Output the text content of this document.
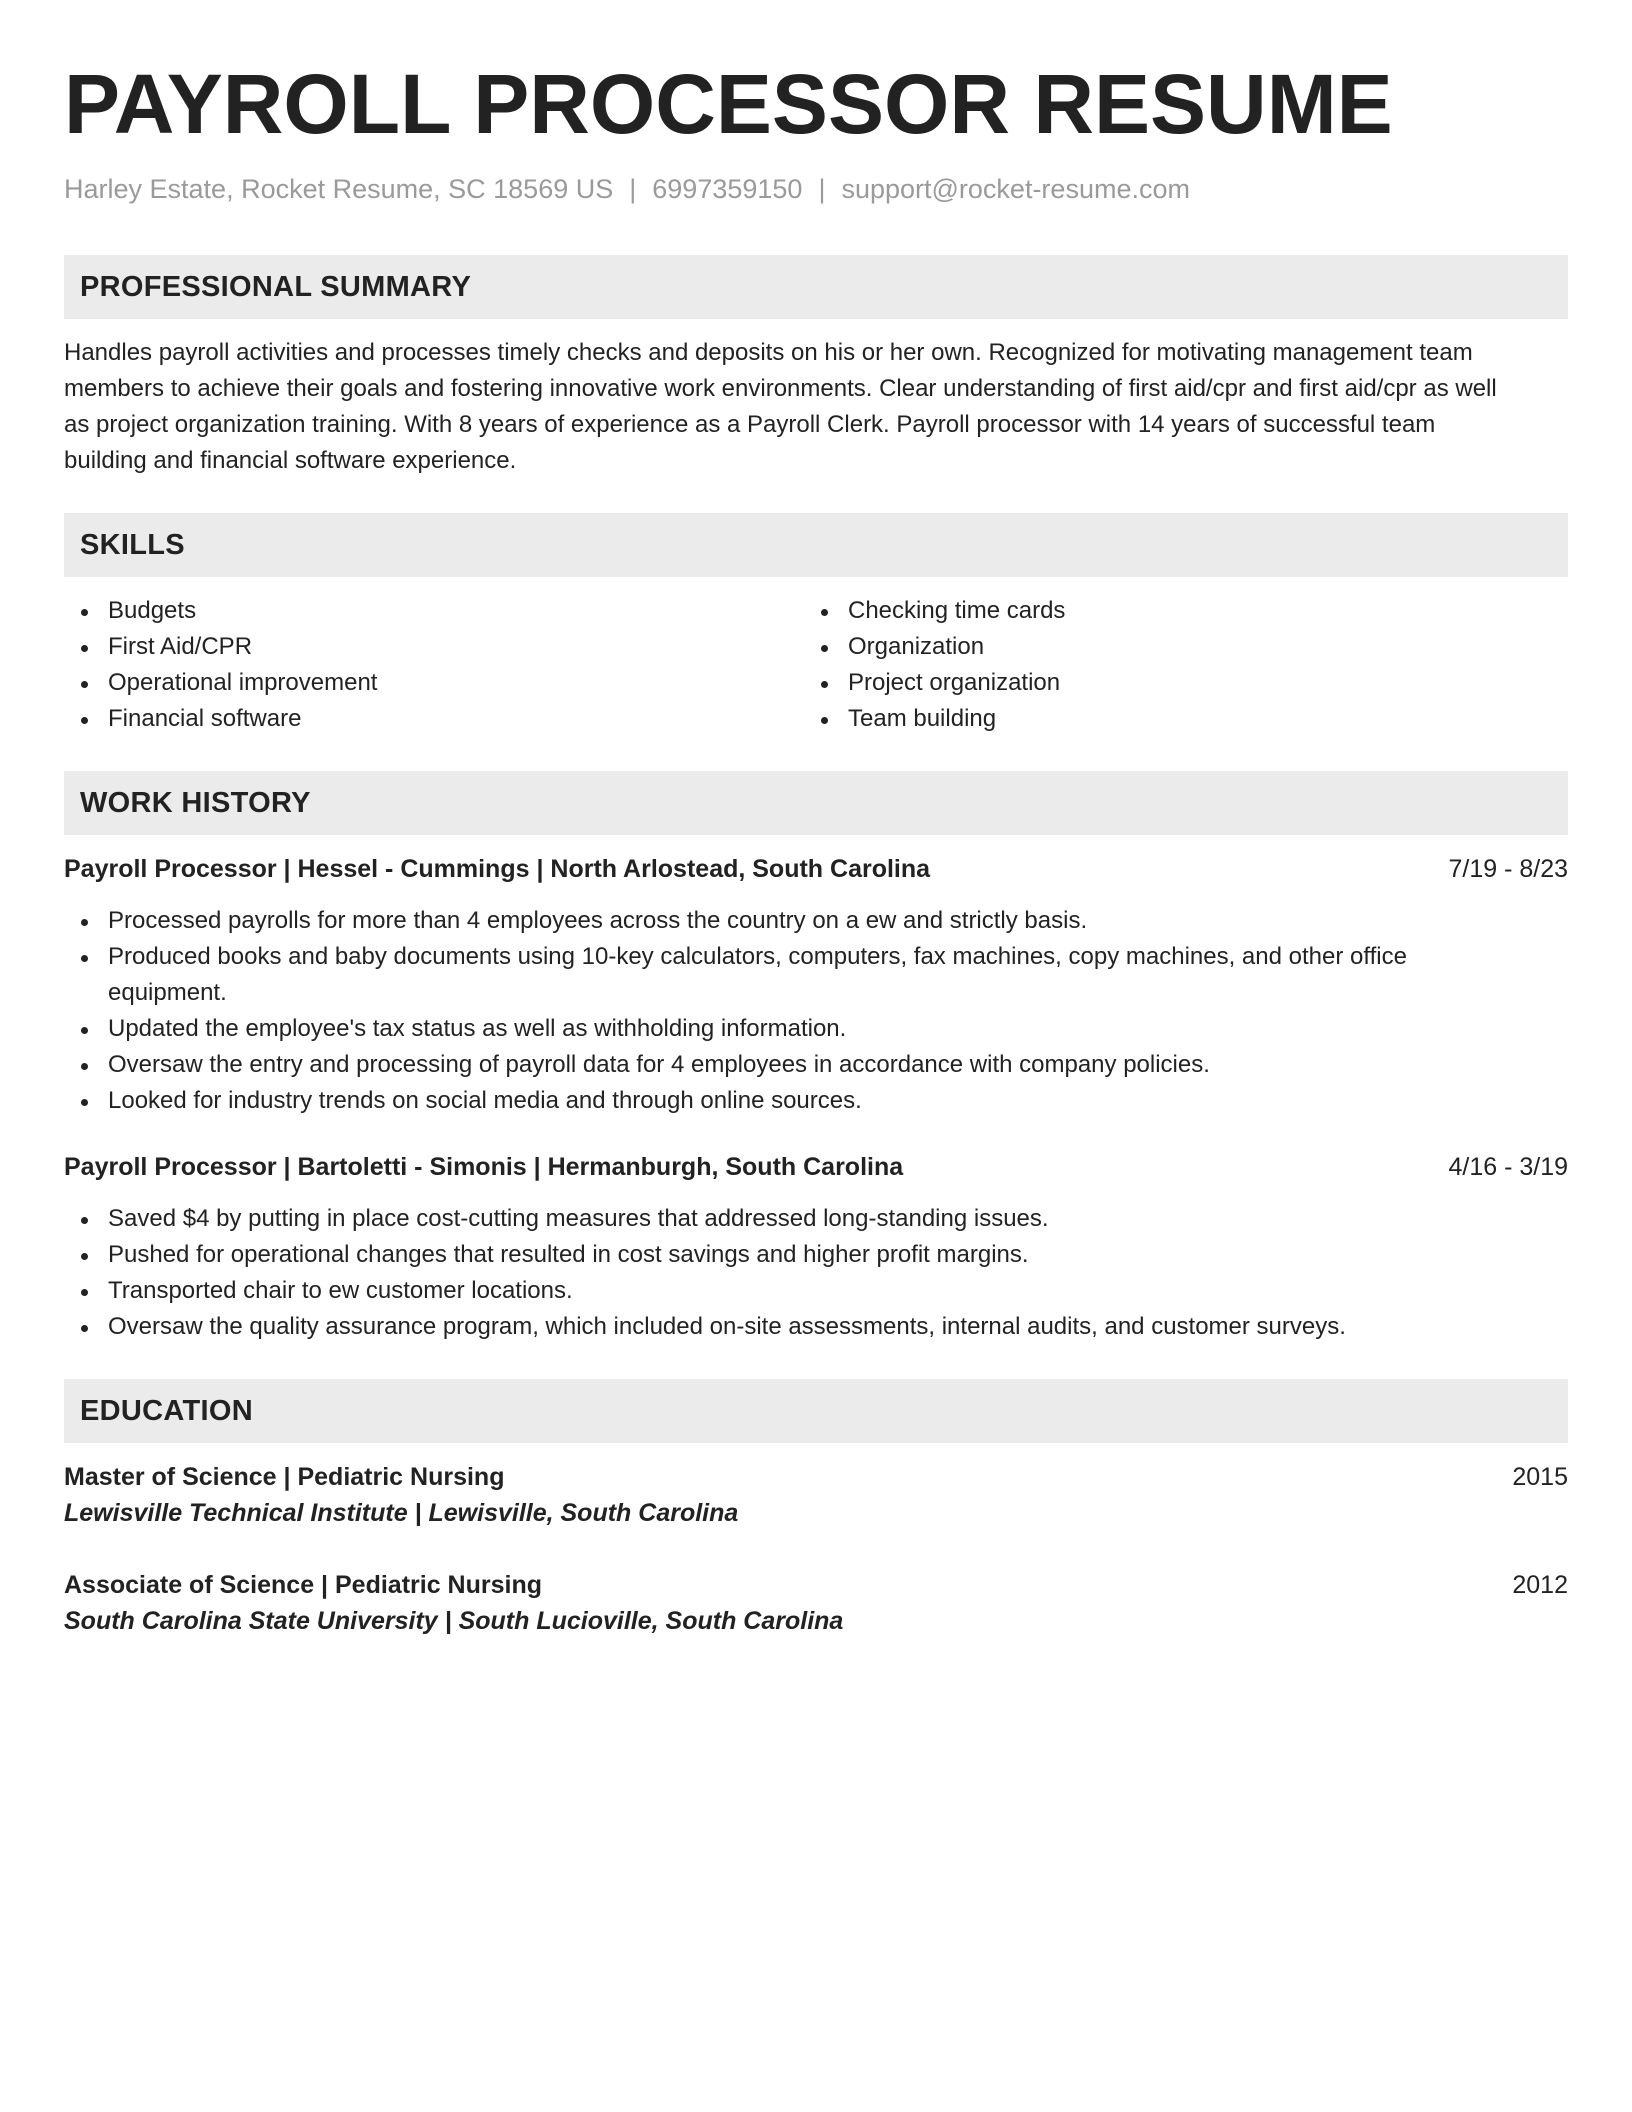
PAYROLL PROCESSOR RESUME
Harley Estate, Rocket Resume, SC 18569 US | 6997359150 | support@rocket-resume.com
PROFESSIONAL SUMMARY
Handles payroll activities and processes timely checks and deposits on his or her own. Recognized for motivating management team
members to achieve their goals and fostering innovative work environments. Clear understanding of first aid/cpr and first aid/cpr as well
as project organization training. With 8 years of experience as a Payroll Clerk. Payroll processor with 14 years of successful team
building and financial software experience.
SKILLS
Budgets
First Aid/CPR
Operational improvement
Financial software
Checking time cards
Organization
Project organization
Team building
WORK HISTORY
Payroll Processor | Hessel - Cummings | North Arlostead, South Carolina	7/19 - 8/23
Processed payrolls for more than 4 employees across the country on a ew and strictly basis.
Produced books and baby documents using 10-key calculators, computers, fax machines, copy machines, and other office
equipment.
Updated the employee's tax status as well as withholding information.
Oversaw the entry and processing of payroll data for 4 employees in accordance with company policies.
Looked for industry trends on social media and through online sources.
Payroll Processor | Bartoletti - Simonis | Hermanburgh, South Carolina	4/16 - 3/19
Saved $4 by putting in place cost-cutting measures that addressed long-standing issues.
Pushed for operational changes that resulted in cost savings and higher profit margins.
Transported chair to ew customer locations.
Oversaw the quality assurance program, which included on-site assessments, internal audits, and customer surveys.
EDUCATION
Master of Science | Pediatric Nursing	2015
Lewisville Technical Institute | Lewisville, South Carolina
Associate of Science | Pediatric Nursing	2012
South Carolina State University | South Lucioville, South Carolina
